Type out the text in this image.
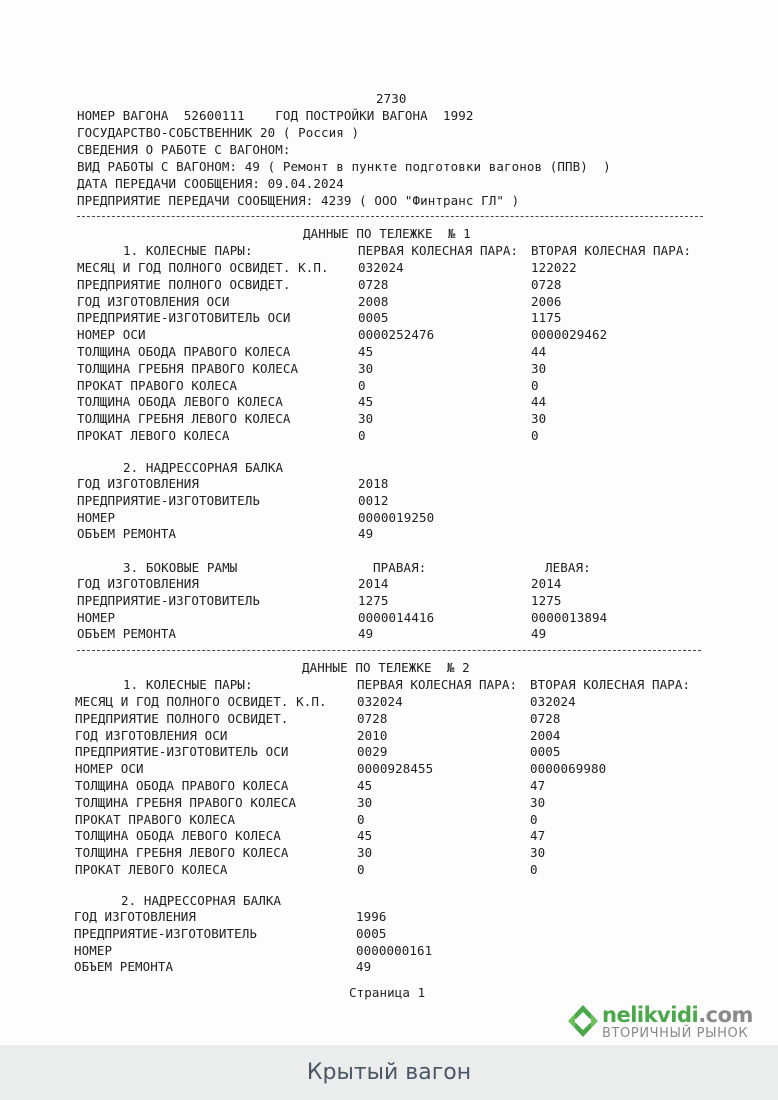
2730
НОМЕР ВАГОНА  52600111    ГОД ПОСТРОЙКИ ВАГОНА  1992
ГОСУДАРСТВО-СОБСТВЕННИК 20 ( Россия )
СВЕДЕНИЯ О РАБОТЕ С ВАГОНОМ:
ВИД РАБОТЫ С ВАГОНОМ: 49 ( Ремонт в пункте подготовки вагонов (ППВ)  )
ДАТА ПЕРЕДАЧИ СООБЩЕНИЯ: 09.04.2024
ПРЕДПРИЯТИЕ ПЕРЕДАЧИ СООБЩЕНИЯ: 4239 ( ООО "Финтранс ГЛ" )
ДАННЫЕ ПО ТЕЛЕЖКЕ  № 1
1. КОЛЕСНЫЕ ПАРЫ:	ПЕРВАЯ КОЛЕСНАЯ ПАРА: ВТОРАЯ КОЛЕСНАЯ ПАРА:
МЕСЯЦ И ГОД ПОЛНОГО ОСВИДЕТ. К.П. 032024	122022
ПРЕДПРИЯТИЕ ПОЛНОГО ОСВИДЕТ.	0728	0728
ГОД ИЗГОТОВЛЕНИЯ ОСИ	2008	2006
ПРЕДПРИЯТИЕ-ИЗГОТОВИТЕЛЬ ОСИ	0005	1175
НОМЕР ОСИ	0000252476	0000029462
ТОЛЩИНА ОБОДА ПРАВОГО КОЛЕСА	45	44
ТОЛЩИНА ГРЕБНЯ ПРАВОГО КОЛЕСА	30	30
ПРОКАТ ПРАВОГО КОЛЕСА	0	0
ТОЛЩИНА ОБОДА ЛЕВОГО КОЛЕСА	45	44
ТОЛЩИНА ГРЕБНЯ ЛЕВОГО КОЛЕСА	30	30
ПРОКАТ ЛЕВОГО КОЛЕСА	0	0
2. НАДРЕССОРНАЯ БАЛКА
ГОД ИЗГОТОВЛЕНИЯ	2018
ПРЕДПРИЯТИЕ-ИЗГОТОВИТЕЛЬ	0012
НОМЕР	0000019250
ОБЪЕМ РЕМОНТА	49
3. БОКОВЫЕ РАМЫ	ПРАВАЯ:	ЛЕВАЯ:
ГОД ИЗГОТОВЛЕНИЯ	2014	2014
ПРЕДПРИЯТИЕ-ИЗГОТОВИТЕЛЬ	1275	1275
НОМЕР	0000014416	0000013894
ОБЪЕМ РЕМОНТА	49	49
ДАННЫЕ ПО ТЕЛЕЖКЕ  № 2
1. КОЛЕСНЫЕ ПАРЫ:	ПЕРВАЯ КОЛЕСНАЯ ПАРА: ВТОРАЯ КОЛЕСНАЯ ПАРА:
МЕСЯЦ И ГОД ПОЛНОГО ОСВИДЕТ. К.П. 032024	032024
ПРЕДПРИЯТИЕ ПОЛНОГО ОСВИДЕТ.	0728	0728
ГОД ИЗГОТОВЛЕНИЯ ОСИ	2010	2004
ПРЕДПРИЯТИЕ-ИЗГОТОВИТЕЛЬ ОСИ	0029	0005
НОМЕР ОСИ	0000928455	0000069980
ТОЛЩИНА ОБОДА ПРАВОГО КОЛЕСА	45	47
ТОЛЩИНА ГРЕБНЯ ПРАВОГО КОЛЕСА	30	30
ПРОКАТ ПРАВОГО КОЛЕСА	0	0
ТОЛЩИНА ОБОДА ЛЕВОГО КОЛЕСА	45	47
ТОЛЩИНА ГРЕБНЯ ЛЕВОГО КОЛЕСА	30	30
ПРОКАТ ЛЕВОГО КОЛЕСА	0	0
2. НАДРЕССОРНАЯ БАЛКА
ГОД ИЗГОТОВЛЕНИЯ	1996
ПРЕДПРИЯТИЕ-ИЗГОТОВИТЕЛЬ	0005
НОМЕР	0000000161
ОБЪЕМ РЕМОНТА	49
Страница 1
nelikvidi.com
ВТОРИЧНЫЙ РЫНОК
Крытый вагон
